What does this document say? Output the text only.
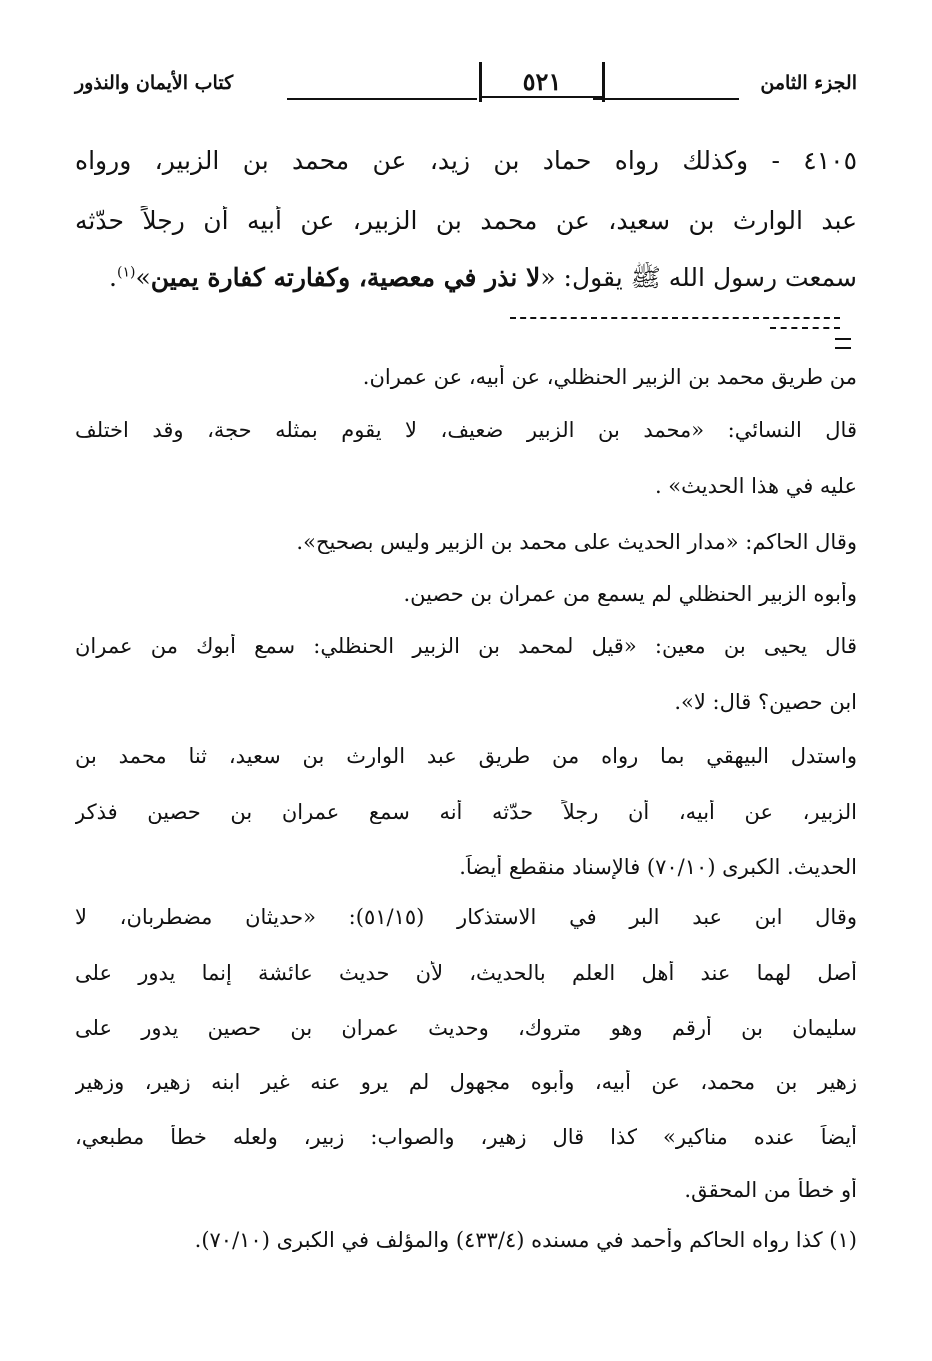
الجزء الثامن
٥٢١
كتاب الأيمان والنذور
٤١٠٥ - وكذلك رواه حماد بن زيد، عن محمد بن الزبير، ورواه
عبد الوارث بن سعيد، عن محمد بن الزبير، عن أبيه أن رجلاً حدّثه
سمعت رسول الله ﷺ يقول: «لا نذر في معصية، وكفارته كفارة يمين»$^{(١)}$.
من طريق محمد بن الزبير الحنظلي، عن أبيه، عن عمران.
قال النسائي: «محمد بن الزبير ضعيف، لا يقوم بمثله حجة، وقد اختلف
عليه في هذا الحديث» .
وقال الحاكم: «مدار الحديث على محمد بن الزبير وليس بصحيح».
وأبوه الزبير الحنظلي لم يسمع من عمران بن حصين.
قال يحيى بن معين: «قيل لمحمد بن الزبير الحنظلي: سمع أبوك من عمران
ابن حصين؟ قال: لا».
واستدل البيهقي بما رواه من طريق عبد الوارث بن سعيد، ثنا محمد بن
الزبير، عن أبيه، أن رجلاً حدّثه أنه سمع عمران بن حصين فذكر
الحديث. الكبرى (٧٠/١٠) فالإسناد منقطع أيضاً.
وقال ابن عبد البر في الاستذكار (٥١/١٥): «حديثان مضطربان، لا
أصل لهما عند أهل العلم بالحديث، لأن حديث عائشة إنما يدور على
سليمان بن أرقم وهو متروك، وحديث عمران بن حصين يدور على
زهير بن محمد، عن أبيه، وأبوه مجهول لم يرو عنه غير ابنه زهير، وزهير
أيضاً عنده مناكير» كذا قال زهير، والصواب: زبير، ولعله خطأ مطبعي،
أو خطأ من المحقق.
(١) كذا رواه الحاكم وأحمد في مسنده (٤٣٣/٤) والمؤلف في الكبرى (٧٠/١٠).
